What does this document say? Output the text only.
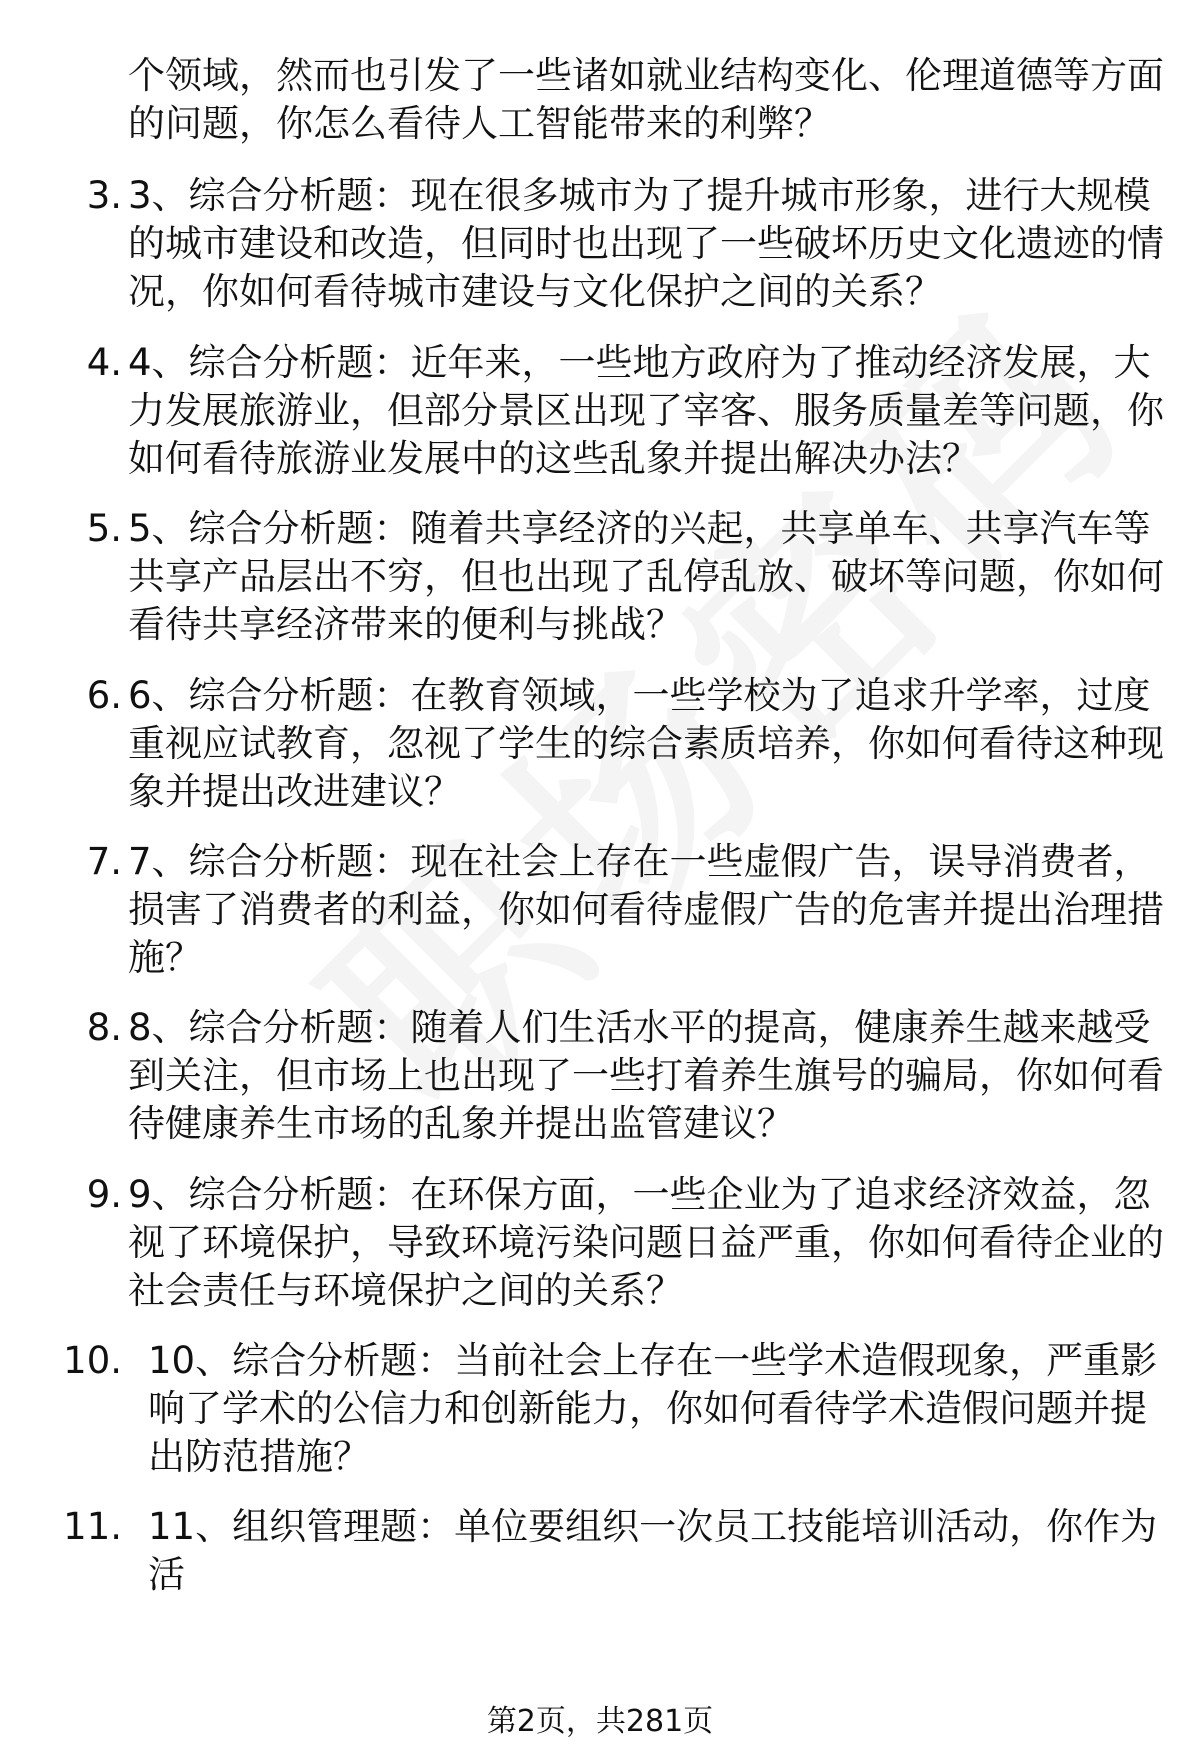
个领域，然而也引发了一些诸如就业结构变化、伦理道德等方面的问题，你怎么看待人工智能带来的利弊？
3. 3、综合分析题：现在很多城市为了提升城市形象，进行大规模的城市建设和改造，但同时也出现了一些破坏历史文化遗迹的情况，你如何看待城市建设与文化保护之间的关系？
4. 4、综合分析题：近年来，一些地方政府为了推动经济发展，大力发展旅游业，但部分景区出现了宰客、服务质量差等问题，你如何看待旅游业发展中的这些乱象并提出解决办法？
5. 5、综合分析题：随着共享经济的兴起，共享单车、共享汽车等共享产品层出不穷，但也出现了乱停乱放、破坏等问题，你如何看待共享经济带来的便利与挑战？
6. 6、综合分析题：在教育领域，一些学校为了追求升学率，过度重视应试教育，忽视了学生的综合素质培养，你如何看待这种现象并提出改进建议？
7. 7、综合分析题：现在社会上存在一些虚假广告，误导消费者，损害了消费者的利益，你如何看待虚假广告的危害并提出治理措施？
8. 8、综合分析题：随着人们生活水平的提高，健康养生越来越受到关注，但市场上也出现了一些打着养生旗号的骗局，你如何看待健康养生市场的乱象并提出监管建议？
9. 9、综合分析题：在环保方面，一些企业为了追求经济效益，忽视了环境保护，导致环境污染问题日益严重，你如何看待企业的社会责任与环境保护之间的关系？
10. 10、综合分析题：当前社会上存在一些学术造假现象，严重影响了学术的公信力和创新能力，你如何看待学术造假问题并提出防范措施？
11. 11、组织管理题：单位要组织一次员工技能培训活动，你作为活
第2页，共281页
